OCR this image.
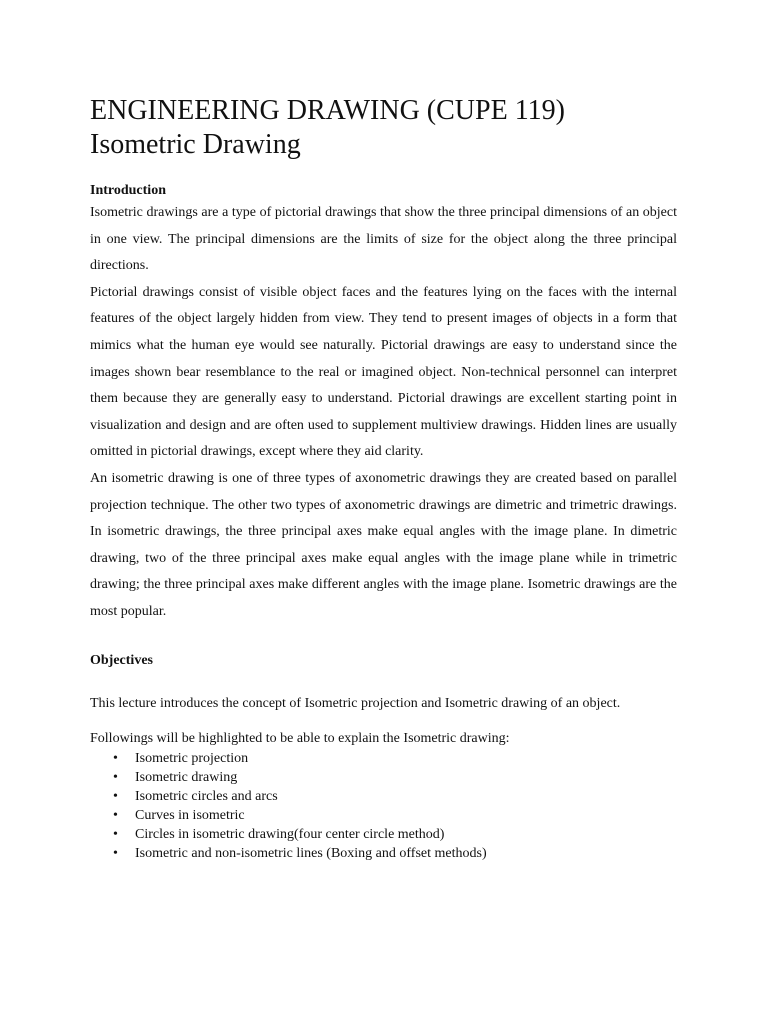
ENGINEERING DRAWING (CUPE 119)
Isometric Drawing
Introduction

Isometric drawings are a type of pictorial drawings that show the three principal dimensions of an object in one view. The principal dimensions are the limits of size for the object along the three principal directions.

Pictorial drawings consist of visible object faces and the features lying on the faces with the internal features of the object largely hidden from view. They tend to present images of objects in a form that mimics what the human eye would see naturally. Pictorial drawings are easy to understand since the images shown bear resemblance to the real or imagined object. Non-technical personnel can interpret them because they are generally easy to understand. Pictorial drawings are excellent starting point in visualization and design and are often used to supplement multiview drawings. Hidden lines are usually omitted in pictorial drawings, except where they aid clarity.

An isometric drawing is one of three types of axonometric drawings they are created based on parallel projection technique. The other two types of axonometric drawings are dimetric and trimetric drawings. In isometric drawings, the three principal axes make equal angles with the image plane. In dimetric drawing, two of the three principal axes make equal angles with the image plane while in trimetric drawing; the three principal axes make different angles with the image plane. Isometric drawings are the most popular.

Objectives

This lecture introduces the concept of Isometric projection and Isometric drawing of an object.

Followings will be highlighted to be able to explain the Isometric drawing:

• Isometric projection
• Isometric drawing
• Isometric circles and arcs
• Curves in isometric
• Circles in isometric drawing(four center circle method)
• Isometric and non-isometric lines (Boxing and offset methods)
